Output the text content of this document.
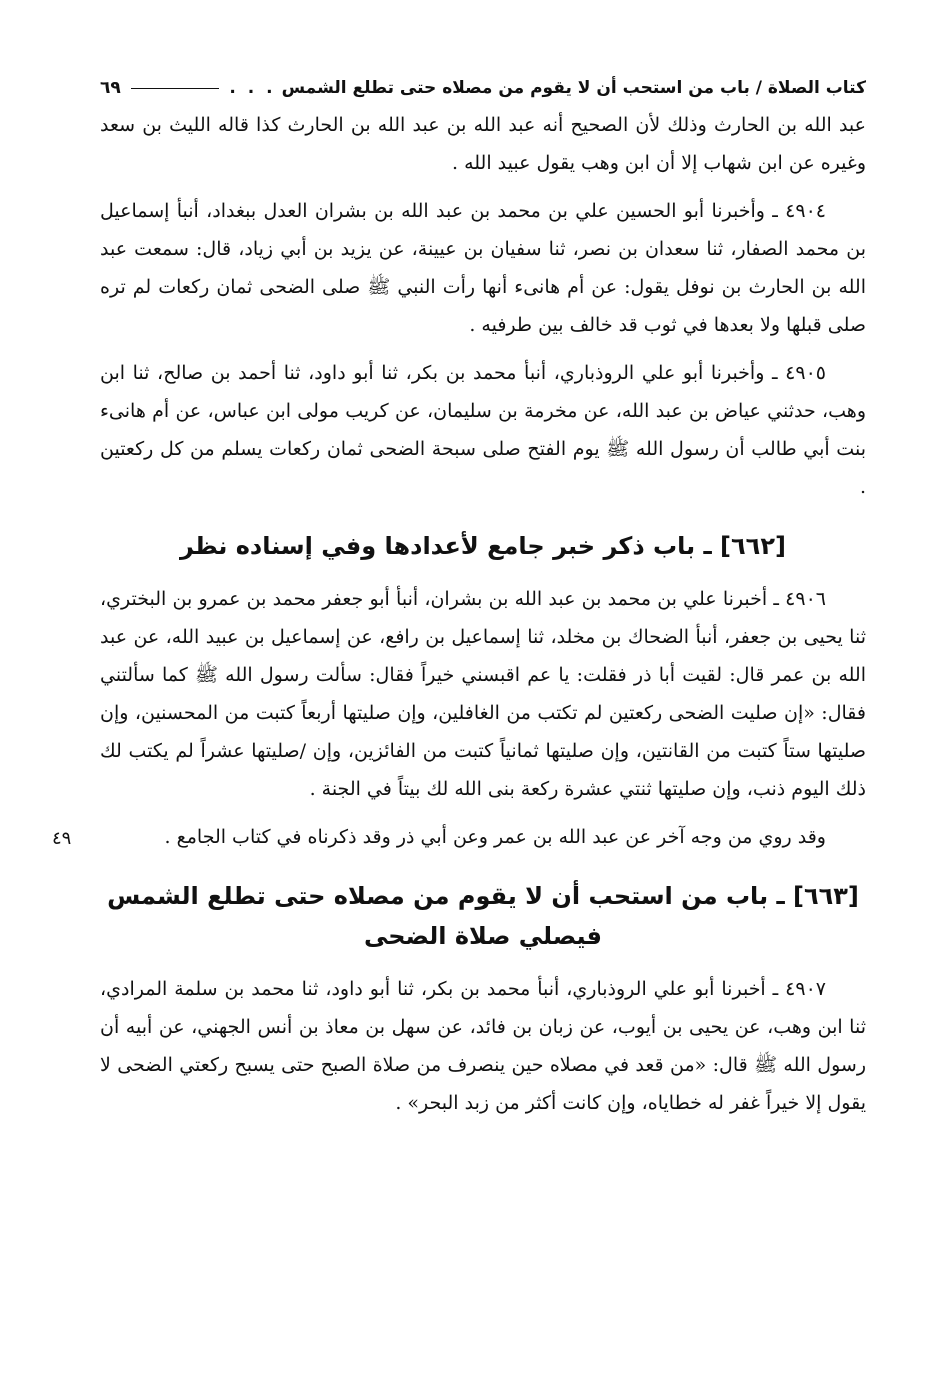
كتاب الصلاة / باب من استحب أن لا يقوم من مصلاه حتى تطلع الشمس
. . .
٦٩

عبد الله بن الحارث وذلك لأن الصحيح أنه عبد الله بن عبد الله بن الحارث كذا قاله الليث بن سعد وغيره عن ابن شهاب إلا أن ابن وهب يقول عبيد الله .

٤٩٠٤ ـ وأخبرنا أبو الحسين علي بن محمد بن عبد الله بن بشران العدل ببغداد، أنبأ إسماعيل بن محمد الصفار، ثنا سعدان بن نصر، ثنا سفيان بن عيينة، عن يزيد بن أبي زياد، قال: سمعت عبد الله بن الحارث بن نوفل يقول: عن أم هانىء أنها رأت النبي ﷺ صلى الضحى ثمان ركعات لم تره صلى قبلها ولا بعدها في ثوب قد خالف بين طرفيه .

٤٩٠٥ ـ وأخبرنا أبو علي الروذباري، أنبأ محمد بن بكر، ثنا أبو داود، ثنا أحمد بن صالح، ثنا ابن وهب، حدثني عياض بن عبد الله، عن مخرمة بن سليمان، عن كريب مولى ابن عباس، عن أم هانىء بنت أبي طالب أن رسول الله ﷺ يوم الفتح صلى سبحة الضحى ثمان ركعات يسلم من كل ركعتين .

[٦٦٢] ـ باب ذكر خبر جامع لأعدادها وفي إسناده نظر

٤٩٠٦ ـ أخبرنا علي بن محمد بن عبد الله بن بشران، أنبأ أبو جعفر محمد بن عمرو بن البختري، ثنا يحيى بن جعفر، أنبأ الضحاك بن مخلد، ثنا إسماعيل بن رافع، عن إسماعيل بن عبيد الله، عن عبد الله بن عمر قال: لقيت أبا ذر فقلت: يا عم اقبسني خيراً فقال: سألت رسول الله ﷺ كما سألتني فقال: «إن صليت الضحى ركعتين لم تكتب من الغافلين، وإن صليتها أربعاً كتبت من المحسنين، وإن صليتها ستاً كتبت من القانتين، وإن صليتها ثمانياً كتبت من الفائزين، وإن /صليتها عشراً لم يكتب لك ذلك اليوم ذنب، وإن صليتها ثنتي عشرة ركعة بنى الله لك بيتاً في الجنة .

وقد روي من وجه آخر عن عبد الله بن عمر وعن أبي ذر وقد ذكرناه في كتاب الجامع .

[٦٦٣] ـ باب من استحب أن لا يقوم من مصلاه حتى تطلع الشمس فيصلي صلاة الضحى

٤٩٠٧ ـ أخبرنا أبو علي الروذباري، أنبأ محمد بن بكر، ثنا أبو داود، ثنا محمد بن سلمة المرادي، ثنا ابن وهب، عن يحيى بن أيوب، عن زبان بن فائد، عن سهل بن معاذ بن أنس الجهني، عن أبيه أن رسول الله ﷺ قال: «من قعد في مصلاه حين ينصرف من صلاة الصبح حتى يسبح ركعتي الضحى لا يقول إلا خيراً غفر له خطاياه، وإن كانت أكثر من زبد البحر» .

٤٩
